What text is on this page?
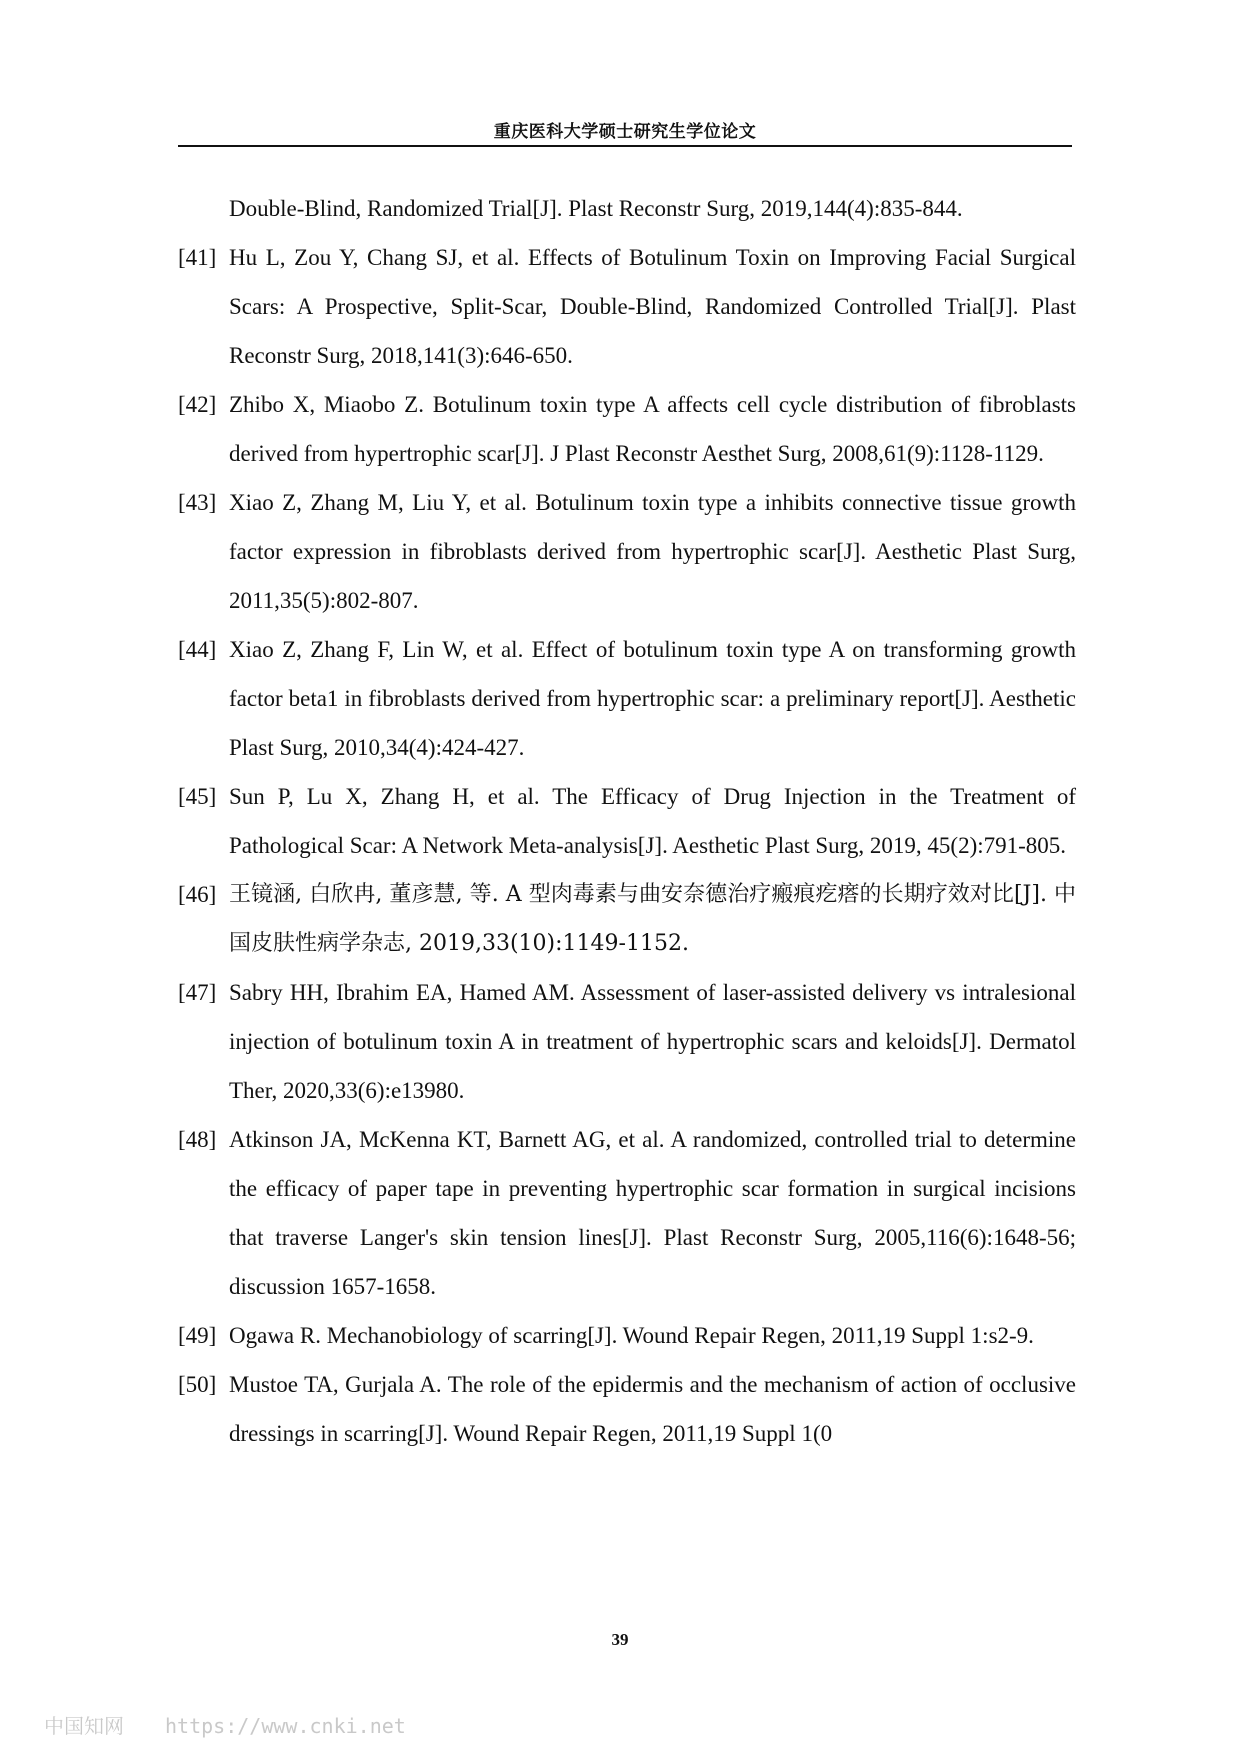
重庆医科大学硕士研究生学位论文
Double-Blind, Randomized Trial[J]. Plast Reconstr Surg, 2019,144(4):835-844.
[41] Hu L, Zou Y, Chang SJ, et al. Effects of Botulinum Toxin on Improving Facial Surgical Scars: A Prospective, Split-Scar, Double-Blind, Randomized Controlled Trial[J]. Plast Reconstr Surg, 2018,141(3):646-650.
[42] Zhibo X, Miaobo Z. Botulinum toxin type A affects cell cycle distribution of fibroblasts derived from hypertrophic scar[J]. J Plast Reconstr Aesthet Surg, 2008,61(9):1128-1129.
[43] Xiao Z, Zhang M, Liu Y, et al. Botulinum toxin type a inhibits connective tissue growth factor expression in fibroblasts derived from hypertrophic scar[J]. Aesthetic Plast Surg, 2011,35(5):802-807.
[44] Xiao Z, Zhang F, Lin W, et al. Effect of botulinum toxin type A on transforming growth factor beta1 in fibroblasts derived from hypertrophic scar: a preliminary report[J]. Aesthetic Plast Surg, 2010,34(4):424-427.
[45] Sun P, Lu X, Zhang H, et al. The Efficacy of Drug Injection in the Treatment of Pathological Scar: A Network Meta-analysis[J]. Aesthetic Plast Surg, 2019, 45(2):791-805.
[46] 王镜涵, 白欣冉, 董彦慧, 等. A 型肉毒素与曲安奈德治疗瘢痕疙瘩的长期疗效对比[J]. 中国皮肤性病学杂志, 2019,33(10):1149-1152.
[47] Sabry HH, Ibrahim EA, Hamed AM. Assessment of laser-assisted delivery vs intralesional injection of botulinum toxin A in treatment of hypertrophic scars and keloids[J]. Dermatol Ther, 2020,33(6):e13980.
[48] Atkinson JA, McKenna KT, Barnett AG, et al. A randomized, controlled trial to determine the efficacy of paper tape in preventing hypertrophic scar formation in surgical incisions that traverse Langer's skin tension lines[J]. Plast Reconstr Surg, 2005,116(6):1648-56; discussion 1657-1658.
[49] Ogawa R. Mechanobiology of scarring[J]. Wound Repair Regen, 2011,19 Suppl 1:s2-9.
[50] Mustoe TA, Gurjala A. The role of the epidermis and the mechanism of action of occlusive dressings in scarring[J]. Wound Repair Regen, 2011,19 Suppl 1(0
39
中国知网 https://www.cnki.net
